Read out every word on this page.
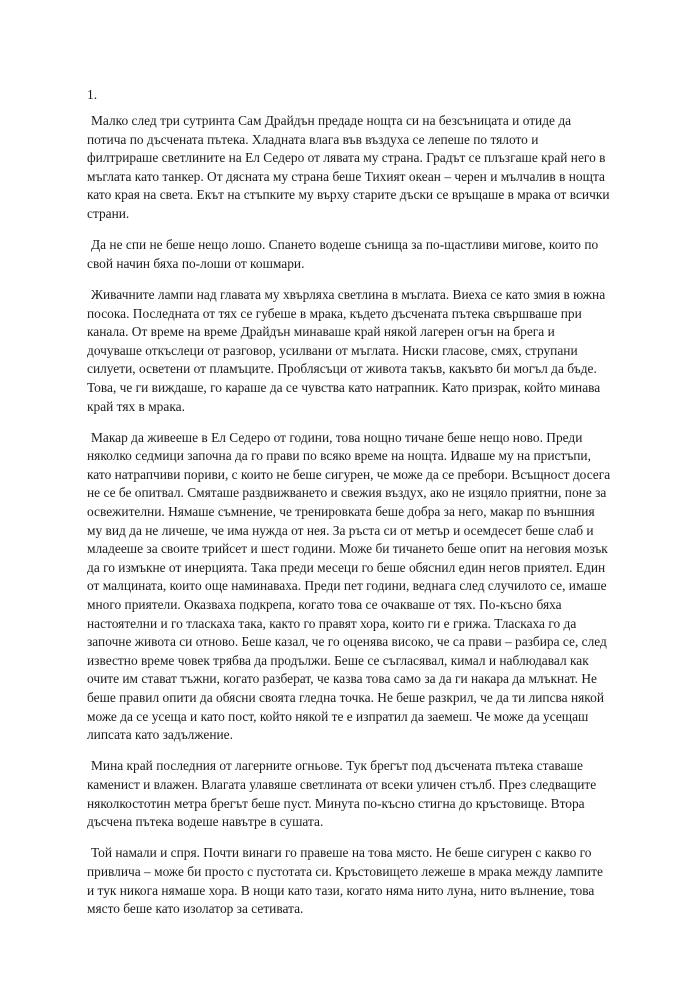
1.

Малко след три сутринта Сам Драйдън предаде нощта си на безсъницата и отиде да потича по дъсчената пътека. Хладната влага във въздуха се лепеше по тялото и филтрираше светлините на Ел Седеро от лявата му страна. Градът се плъзгаше край него в мъглата като танкер. От дясната му страна беше Тихият океан – черен и мълчалив в нощта като края на света. Екът на стъпките му върху старите дъски се връщаше в мрака от всички страни.

Да не спи не беше нещо лошо. Спането водеше сънища за по-щастливи мигове, които по свой начин бяха по-лоши от кошмари.

Живачните лампи над главата му хвърляха светлина в мъглата. Виеха се като змия в южна посока. Последната от тях се губеше в мрака, където дъсчената пътека свършваше при канала. От време на време Драйдън минаваше край някой лагерен огън на брега и дочуваше откъслеци от разговор, усилвани от мъглата. Ниски гласове, смях, струпани силуети, осветени от пламъците. Проблясъци от живота такъв, какъвто би могъл да бъде. Това, че ги виждаше, го караше да се чувства като натрапник. Като призрак, който минава край тях в мрака.

Макар да живееше в Ел Седеро от години, това нощно тичане беше нещо ново. Преди няколко седмици започна да го прави по всяко време на нощта. Идваше му на пристъпи, като натрапчиви пориви, с които не беше сигурен, че може да се пребори. Всъщност досега не се бе опитвал. Смяташе раздвижването и свежия въздух, ако не изцяло приятни, поне за освежителни. Нямаше съмнение, че тренировката беше добра за него, макар по външния му вид да не личеше, че има нужда от нея. За ръста си от метър и осемдесет беше слаб и младееше за своите трийсет и шест години. Може би тичането беше опит на неговия мозък да го измъкне от инерцията. Така преди месеци го беше обяснил един негов приятел. Един от малцината, които още наминаваха. Преди пет години, веднага след случилото се, имаше много приятели. Оказваха подкрепа, когато това се очакваше от тях. По-късно бяха настоятелни и го тласкаха така, както го правят хора, които ги е грижа. Тласкаха го да започне живота си отново. Беше казал, че го оценява високо, че са прави – разбира се, след известно време човек трябва да продължи. Беше се съгласявал, кимал и наблюдавал как очите им стават тъжни, когато разберат, че казва това само за да ги накара да млъкнат. Не беше правил опити да обясни своята гледна точка. Не беше разкрил, че да ти липсва някой може да се усеща и като пост, който някой те е изпратил да заемеш. Че може да усещаш липсата като задължение.

Мина край последния от лагерните огньове. Тук брегът под дъсчената пътека ставаше каменист и влажен. Влагата улавяше светлината от всеки уличен стълб. През следващите няколкостотин метра брегът беше пуст. Минута по-късно стигна до кръстовище. Втора дъсчена пътека водеше навътре в сушата.

Той намали и спря. Почти винаги го правеше на това място. Не беше сигурен с какво го привлича – може би просто с пустотата си. Кръстовището лежеше в мрака между лампите и тук никога нямаше хора. В нощи като тази, когато няма нито луна, нито вълнение, това място беше като изолатор за сетивата.
